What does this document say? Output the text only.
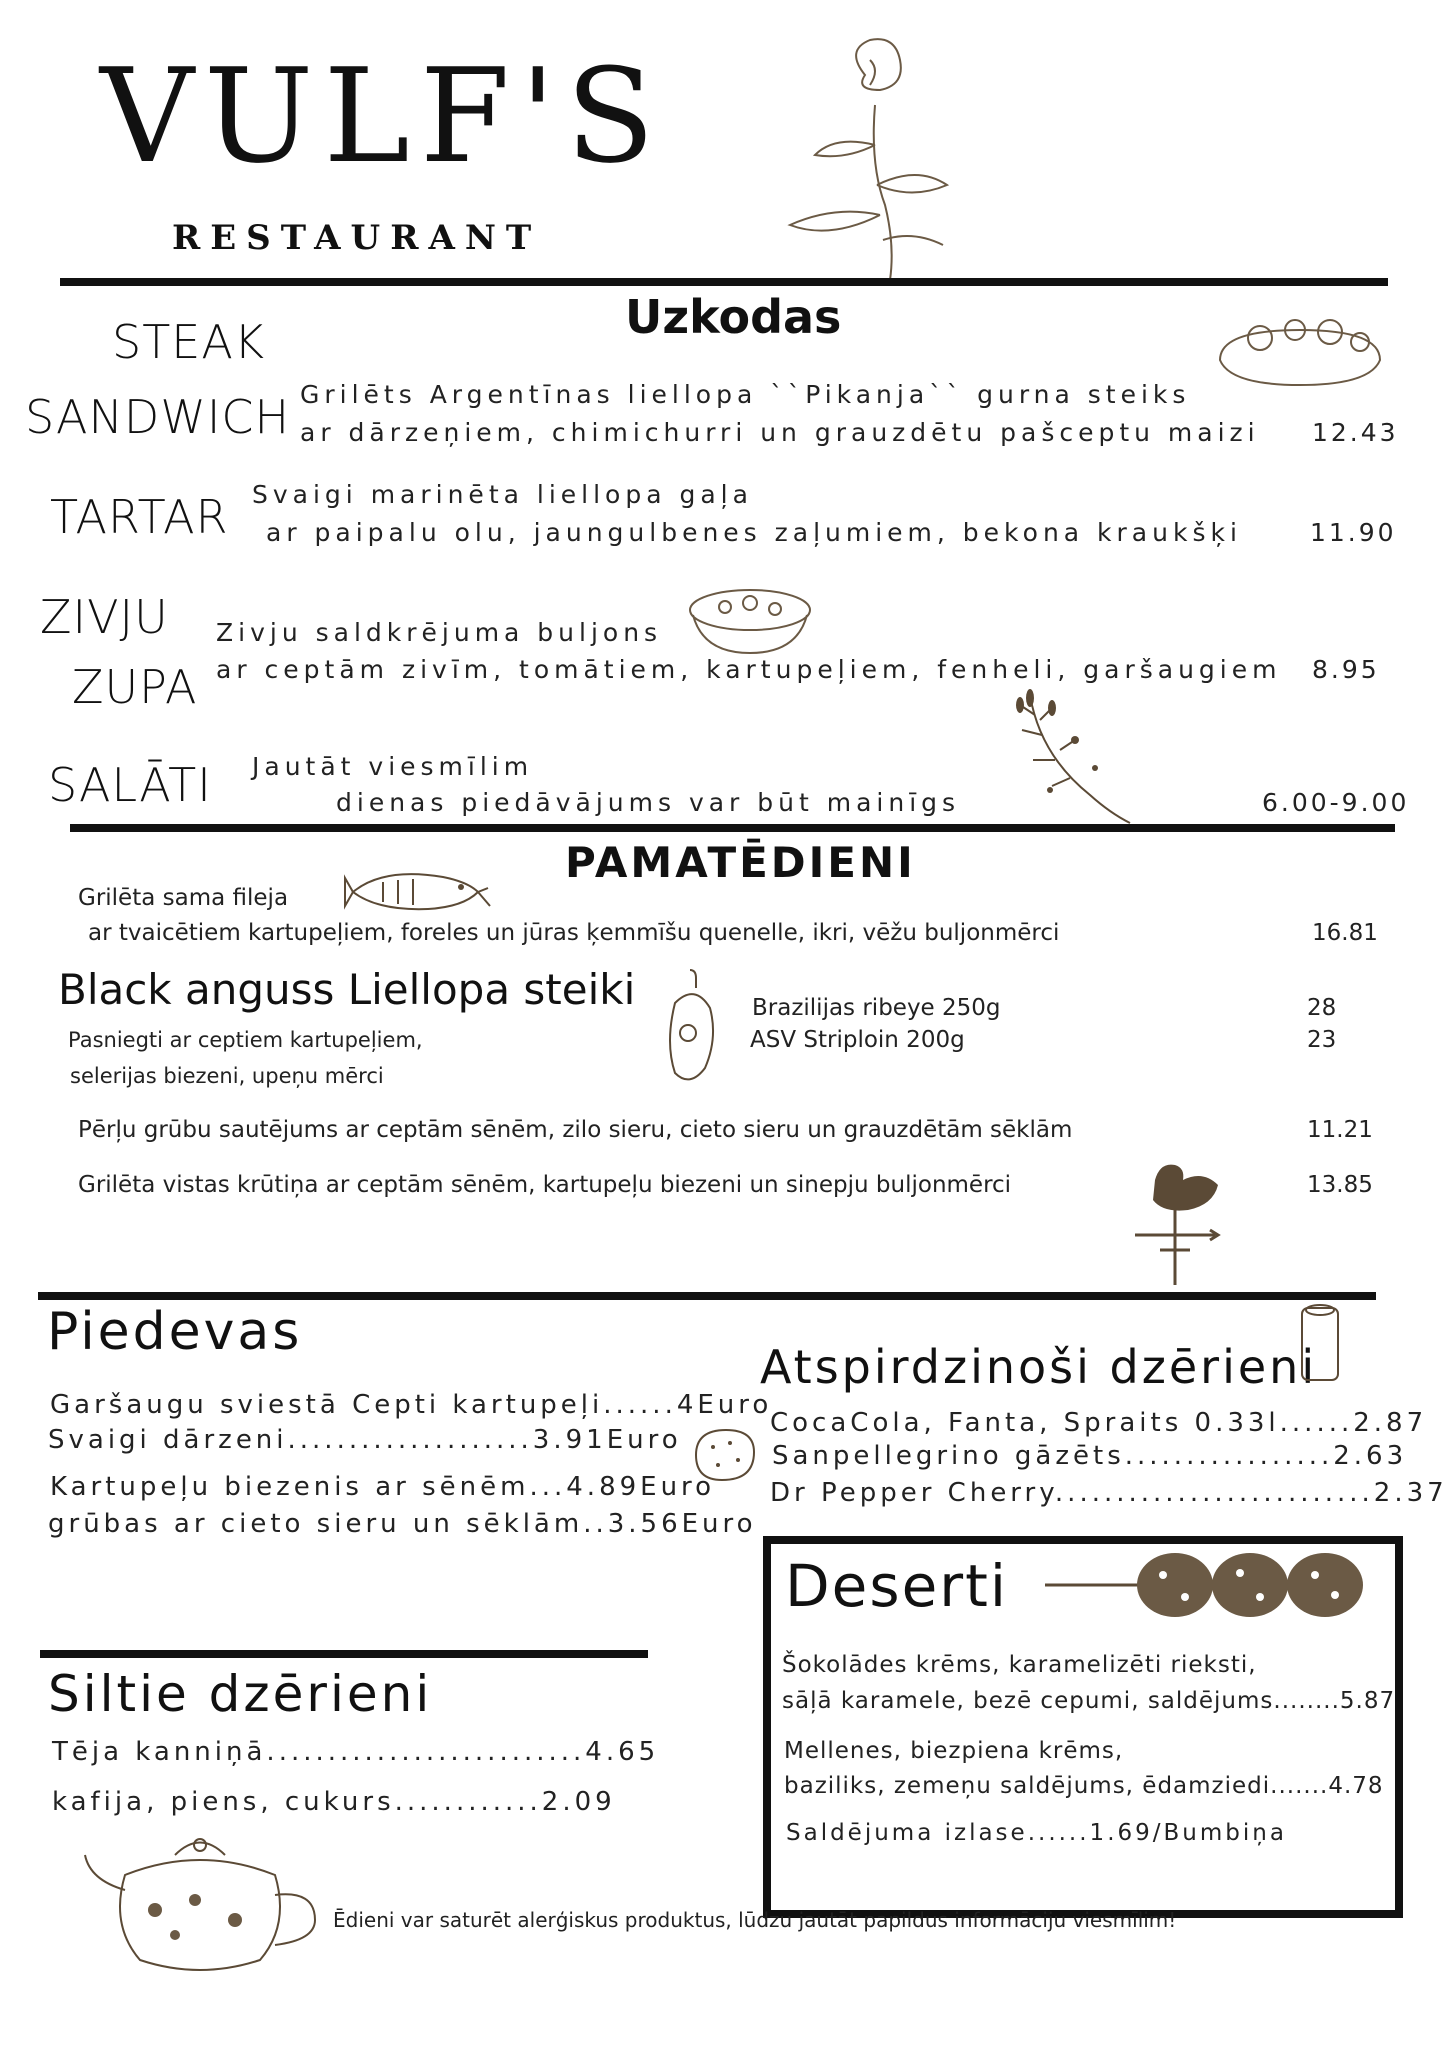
VULF'S
RESTAURANT
Uzkodas
STEAK
SANDWICH Grilēts Argentīnas liellopa ``Pikanja`` gurna steiks
ar dārzeņiem, chimichurri un grauzdētu pašceptu maizi 12.43
TARTAR Svaigi marinēta liellopa gaļa
ar paipalu olu, jaungulbenes zaļumiem, bekona kraukšķi	11.90
ZIVJU
ZUPA
Zivju saldkrējuma buljons
ar ceptām zivīm, tomātiem, kartupeļiem, fenheli, garšaugiem 8.95
SALĀTI Jautāt viesmīlim
dienas piedāvājums var būt mainīgs	6.00-9.00
PAMATĒDIENI
Grilēta sama fileja
ar tvaicētiem kartupeļiem, foreles un jūras ķemmīšu quenelle, ikri, vēžu buljonmērci	16.81
Black anguss Liellopa steiki
Pasniegti ar ceptiem kartupeļiem,
selerijas biezeni, upeņu mērci
Brazilijas ribeye 250g	28
ASV Striploin 200g	23
Pērļu grūbu sautējums ar ceptām sēnēm, zilo sieru, cieto sieru un grauzdētām sēklām	11.21
Grilēta vistas krūtiņa ar ceptām sēnēm, kartupeļu biezeni un sinepju buljonmērci	13.85
Piedevas
Garšaugu sviestā Cepti kartupeļi......4Euro
Svaigi dārzeni....................3.91Euro
Kartupeļu biezenis ar sēnēm...4.89Euro
grūbas ar cieto sieru un sēklām..3.56Euro
Atspirdzinoši dzērieni
CocaCola, Fanta, Spraits 0.33l......2.87
Sanpellegrino gāzēts.................2.63
Dr Pepper Cherry..........................2.37
Deserti
Šokolādes krēms, karamelizēti rieksti,
sāļā karamele, bezē cepumi, saldējums........5.87
Mellenes, biezpiena krēms,
baziliks, zemeņu saldējums, ēdamziedi.......4.78
Saldējuma izlase......1.69/Bumbiņa
Siltie dzērieni
Tēja kanniņā..........................4.65
kafija, piens, cukurs............2.09
Ēdieni var saturēt alerģiskus produktus, lūdzu jautāt papildus informāciju viesmīlim!
